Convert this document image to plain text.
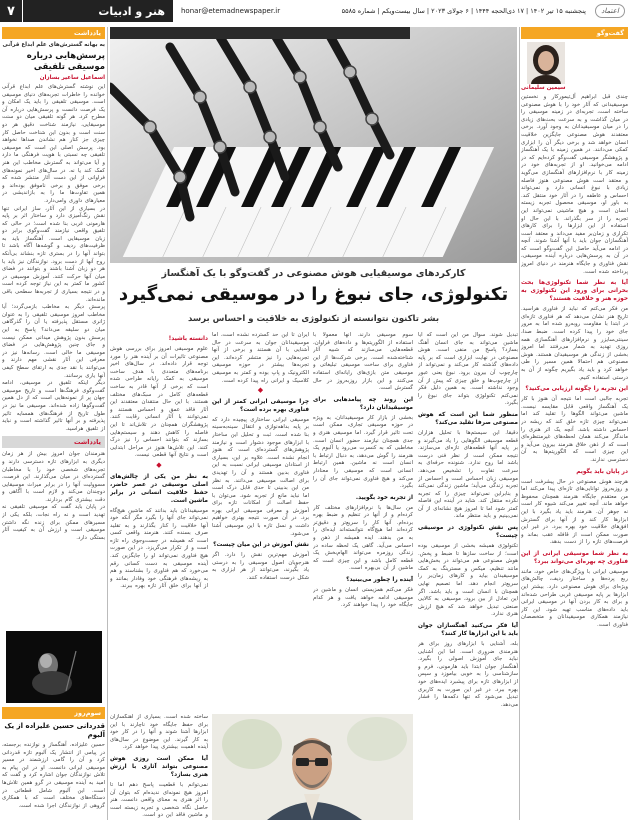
۷	هنر و ادبیات	honar@etemadnewspaper.ir	پنجشنبه ۱۵ تیر ۱۴۰۲ | ۱۷ ذی‌الحجه ۱۴۴۴ | ۶ جولای ۲۰۲۳ | سال بیست‌ویکم | شماره ۵۵۸۵	اعتماد
یادداشت
به بهانه گسترش‌های علم ابداع قرآنی
پرسش‌هایی درباره موسیقی تلفیقی
اسماعیل ساعیر بسازان

این نوشته گسترش‌های علم ابداع قرآنی خوانده را خاطرات تجربه‌های دنیای موسیقی است. موسیقی تلفیقی را باید یک امکان و یک فرصت دانست و پرسش‌هایی درباره آن مطرح کرد. هر گونه تلفیقی میان دو سنت موسیقایی، نیازمند شناخت دقیق هر دو سنت است و بدون این شناخت حاصل کار چیزی جز کنار هم نشاندن صداها نخواهد بود. پرسش اصلی این است که موسیقی تلفیقی چه نسبتی با هویت فرهنگی ما دارد و آیا می‌تواند به گسترش مخاطب این هنر کمک کند یا نه. در سال‌های اخیر نمونه‌های فراوانی از این دست آثار منتشر شده که برخی موفق و برخی ناموفق بوده‌اند و همین تفاوت‌ها ما را به بازاندیشی در معیارهای داوری وامی‌دارد.

در بسیاری از این آثار، ساز ایرانی تنها نقش رنگ‌آمیزی دارد و ساختار اثر بر پایه هارمونی غربی بنا شده است؛ در حالی که تلفیق واقعی نیازمند گفت‌وگوی برابر دو زبان موسیقایی است. آهنگساز باید به ظرفیت‌های ردیف و گوشه‌ها آگاه باشد تا بتواند آنها را در بستری تازه بنشاند بی‌آنکه روح آنها از دست برود. نوازندگان نیز باید با هر دو زبان آشنا باشند و بتوانند در فضای میان آنها حرکت کنند. آموزش موسیقی در کشور ما کمتر به این نیاز توجه کرده است و در نتیجه بسیاری از تجربه‌ها سطحی باقی مانده‌اند.

پرسش دیگر به مخاطب بازمی‌گردد؛ آیا مخاطب امروز موسیقی تلفیقی را به عنوان ژانری مستقل پذیرفته یا آن را گذرگاهی میان دو سلیقه می‌داند؟ پاسخ به این پرسش بدون پژوهش میدانی ممکن نیست و جای چنین پژوهش‌هایی در فضای موسیقی ما خالی است. رسانه‌ها نیز در معرفی این آثار نقشی مهم دارند و می‌توانند با نقد جدی به ارتقای سطح کیفی آنها یاری برسانند.

دیگر اینکه تلفیق در موسیقی، ادامه گفت‌وگوی فرهنگ‌ها است و تاریخ موسیقی جهان پر از نمونه‌هایی است که از دل همین گفت‌وگوها زاده شده‌اند. موسیقی ما نیز در طول تاریخ از فرهنگ‌های همسایه تاثیر پذیرفته و بر آنها تاثیر گذاشته است و نباید از تلفیق هراسید.

یادداشت

هنرمندان جوان امروز بیش از هر زمان دیگری به ابزارهای تازه دسترسی دارند و تجربه‌های شخصی خود را با مخاطبان گسترده‌ای در میان می‌گذارند. این فرصت، مسوولیت آنها را در برابر میراث موسیقایی دوچندان می‌کند و لازم است با آگاهی و دقت بیشتری گام بردارند.

در پایان باید گفت که موسیقی تلفیقی نه تهدید است و نه راه نجات، بلکه یکی از مسیرهای ممکن برای زنده نگه داشتن موسیقی است و ارزش آن به کیفیت آثار بستگی دارد.

سوم‌روز
قدردانی حسین علیزاده از یک آلبوم

حسین علیزاده، آهنگساز و نوازنده برجسته، در پیامی از انتشار یک آلبوم تازه قدردانی کرد و آن را گامی ارزشمند در مسیر موسیقی ایرانی دانست. او در این پیام به تلاش نوازندگان جوان اشاره کرد و گفت که امید به آینده موسیقی در گرو همین تلاش‌ها است. این آلبوم شامل قطعاتی در دستگاه‌های مختلف است که با همکاری گروهی از نوازندگان اجرا شده است.

گفت‌وگو
سیمین سلیمانی

چندی قبل ابراهیم آل‌تیمورکار و نخستین موسیقیدانی که آثار خود را با هوش مصنوعی ساخته است، تجربه‌ای در زمینه موسیقی را در میان گذاشت و به سرعت بحث‌های زیادی را در میان موسیقیدانان به وجود آورد. برخی معتقدند هوش مصنوعی جایگزین خلاقیت انسان خواهد شد و برخی دیگر آن را ابزاری کمکی می‌دانند. در همین زمینه با یک آهنگساز و پژوهشگر موسیقی گفت‌وگو کرده‌ایم که در ادامه می‌خوانید. او از تجربه‌های خود در زمینه کار با نرم‌افزارهای آهنگسازی می‌گوید و معتقد است هوش مصنوعی هنوز فاصله زیادی با نبوغ انسانی دارد و نمی‌تواند احساس و عاطفه را در آثار خود منتقل کند. به باور او، موسیقی محصول تجربه زیسته انسان است و هیچ ماشینی نمی‌تواند این تجربه را از سر بگذراند. با این حال او استفاده از این ابزارها را برای کارهای تکراری و زمان‌بر مفید می‌داند و معتقد است آهنگسازان جوان باید با آنها آشنا شوند. آنچه در ادامه می‌آید حاصل این گفت‌وگو است که در آن به پرسش‌هایی درباره آینده موسیقی، نقش فناوری و جایگاه هنرمند در دنیای امروز پرداخته شده است.

آیا به نظر شما تکنولوژی‌ها بحث بحرانی برای ورود این تکنولوژی به حوزه هنر و خلاقیت هستند؟

من فکر می‌کنم که نباید از فناوری هراسید. تاریخ هنر نشان می‌دهد که هر فناوری تازه‌ای در ابتدا با مقاومت روبه‌رو شده اما به مرور جای خود را پیدا کرده است. ضبط صدا، سینتی‌سایزر و نرم‌افزارهای آهنگسازی همه روزی تهدید به شمار می‌رفتند اما امروز بخشی از زندگی هر موسیقیدان هستند. هوش مصنوعی هم احتمالا همین مسیر را طی خواهد کرد و باید یاد بگیریم چگونه از آن به درستی استفاده کنیم.

این تجربه را چگونه ارزیابی می‌کنید؟

تجربه جالبی است اما نتیجه آن هنوز با کار یک آهنگساز واقعی قابل مقایسه نیست. ماشین می‌تواند الگوها را تقلید کند اما نمی‌تواند چیزی تازه خلق کند که ریشه در احساس داشته باشد. آنچه یک اثر هنری را ماندگار می‌کند همان لحظه‌های غیرمنتظره‌ای است که از ذهن خلاق هنرمند بیرون می‌آید و این چیزی است که الگوریتم‌ها به آن دسترسی ندارند.

در پایان باید بگویم

هرچند هوش مصنوعی در حال پیشرفت است و روزبه‌روز توانایی‌های تازه‌ای پیدا می‌کند اما من معتقدم جایگاه هنرمند همچنان محفوظ خواهد ماند. آنچه تغییر می‌کند شیوه کار است نه جوهر آن. هنرمند باید یاد بگیرد با این ابزارها کار کند و از آنها برای گسترش افق‌های خلاقیت خود بهره ببرد. در غیر این صورت ممکن است از قافله عقب بماند و فرصت‌های تازه را از دست بدهد.

به نظر شما موسیقی ایرانی از این فناوری چه بهره‌ای می‌تواند ببرد؟

موسیقی ایرانی با ویژگی‌های خاص خود، مانند ربع پرده‌ها و ساختار ردیف، چالش‌های ویژه‌ای برای هوش مصنوعی دارد. بیشتر این ابزارها بر پایه موسیقی غربی طراحی شده‌اند و برای به کار بردن آنها در موسیقی ایرانی باید داده‌های مناسب تهیه شود. این کار نیازمند همکاری موسیقیدانان و متخصصان فناوری است.

کارکردهای موسیقیایی هوش مصنوعی در گفت‌وگو با یک آهنگساز
تکنولوژی، جای نبوغ را در موسیقی نمی‌گیرد
بشر تاکنون نتوانسته از تکنولوژی به خلاقیت و احساس برسد

تبدیل شوند. سوال من این است که آیا ماشین می‌تواند به جای انسان آهنگ بسازد؟ پاسخ من منفی است. هوش مصنوعی در نهایت ابزاری است که بر پایه داده‌های گذشته کار می‌کند و نمی‌تواند از چارچوب آن بیرون برود. نبوغ یعنی عبور از چارچوب‌ها و خلق چیزی که پیش از آن وجود نداشته است. به همین دلیل فکر نمی‌کنم تکنولوژی بتواند جای نبوغ را بگیرد.

منظور شما این است که هوش مصنوعی صرفا تقلید می‌کند؟

دقیقا. این سیستم‌ها با تحلیل هزاران قطعه موسیقی الگوهایی را یاد می‌گیرند و بر پایه آنها قطعه‌های تازه‌ای می‌سازند. نتیجه ممکن است از نظر فنی درست باشد اما روح ندارد. شنونده حرفه‌ای به سرعت تفاوت را تشخیص می‌دهد. موسیقی زبان احساس است و احساس از تجربه زندگی می‌آید؛ ماشین زندگی نمی‌کند و بنابراین نمی‌تواند چیزی را که تجربه نکرده منتقل کند. شاید در آینده این فاصله کمتر شود اما تا امروز هیچ نشانه‌ای از آن نمی‌بینیم و باید منتظر ماند.

پس نقش تکنولوژی در موسیقی چیست؟

تکنولوژی همیشه بخشی از موسیقی بوده است؛ از ساخت سازها تا ضبط و پخش. هوش مصنوعی هم می‌تواند در بخش‌هایی مانند تنظیم، میکس و مسترینگ به کمک موسیقیدان بیاید و کارهای زمان‌بر را سریع‌تر انجام دهد. اما تصمیم نهایی همچنان با انسان است و باید باشد. اگر این تعادل از بین برود، موسیقی به کالایی صنعتی تبدیل خواهد شد که هیچ ارزش هنری ندارد.

آیا فکر می‌کنید آهنگسازان جوان باید با این ابزارها کار کنند؟

بله، آشنایی با ابزارهای روز برای هر هنرمندی ضروری است. اما این آشنایی نباید جای آموزش اصولی را بگیرد. آهنگساز جوان ابتدا باید هارمونی، فرم و سازشناسی را به خوبی بیاموزد و سپس از ابزارهای تازه برای پیشبرد ایده‌های خود بهره ببرد. در غیر این صورت به کاربری تبدیل می‌شود که تنها دکمه‌ها را فشار می‌دهد.

سوم موسیقی دارند. آنها معمولا با استفاده از الگوریتم‌ها و داده‌های فراوان، قطعه‌هایی می‌سازند که شبیه آثار شناخته‌شده است. برخی شرکت‌ها از این فناوری برای ساخت موسیقی تبلیغاتی و موسیقی متن بازی‌های رایانه‌ای استفاده می‌کنند و این بازار روزبه‌روز در حال گسترش است.

این روند چه پیامدهایی برای موسیقیدانان دارد؟

بخشی از بازار کار موسیقیدانان، به ویژه در حوزه موسیقی تجاری، ممکن است تحت تاثیر قرار گیرد. اما موسیقی هنری و جدی همچنان نیازمند حضور انسان است. مخاطبی که به کنسرت می‌رود یا آلبوم یک هنرمند را گوش می‌دهد، به دنبال ارتباط با انسان است نه ماشین. همین ارتباط انسانی است که موسیقی را معنادار می‌کند و هیچ فناوری نمی‌تواند جای آن را بگیرد.

از تجربه خود بگویید.

من سال‌ها با نرم‌افزارهای مختلف کار کرده‌ام و از آنها در تنظیم و ضبط بهره برده‌ام. آنها کار را سریع‌تر و دقیق‌تر کرده‌اند اما هیچ‌گاه نتوانسته‌اند ایده‌ای را به من بدهند. ایده همیشه از ذهن و احساس می‌آید. گاهی یک لحظه ساده در زندگی روزمره می‌تواند الهام‌بخش یک قطعه کامل باشد و این چیزی است که ماشین از آن بی‌بهره است.

آینده را چطور می‌بینید؟

فکر می‌کنم همزیستی انسان و ماشین در موسیقی ادامه خواهد یافت و هر کدام جایگاه خود را پیدا خواهند کرد.

ایران تا این حد گسترده نشده است، اما موسیقیدانان جوان به سرعت در حال آشنایی با آن هستند و برخی از آنها تجربه‌هایی را نیز منتشر کرده‌اند. این تجربه‌ها بیشتر در حوزه موسیقی الکترونیک و پاپ بوده و کمتر به موسیقی کلاسیک و ایرانی راه پیدا کرده است.

◆
چرا موسیقی ایرانی کمتر از این فناوری بهره برده است؟

موسیقی ایرانی ساختاری پیچیده دارد که بر پایه بداهه‌نوازی و انتقال سینه‌به‌سینه بنا شده است. ثبت و تحلیل این ساختار با ابزارهای موجود دشوار است و نیازمند پژوهش‌های گسترده‌ای است که هنوز انجام نشده است. علاوه بر این، بسیاری از استادان موسیقی ایرانی نسبت به این فناوری بدبین هستند و آن را تهدیدی برای اصالت موسیقی می‌دانند. به نظر من این بدبینی تا حدی قابل درک است اما نباید مانع از تجربه شود. می‌توان با حفظ اصالت از امکانات تازه برای آموزش و معرفی موسیقی ایرانی بهره برد. در آن صورت نتیجه بهتری خواهیم داشت و نسل تازه با این موسیقی آشنا می‌شود.

نقش آموزش در این میان چیست؟

آموزش مهم‌ترین نقش را دارد. اگر هنرجویان اصول موسیقی را به درستی یاد بگیرند، می‌توانند از هر ابزاری به شکل درست استفاده کنند.

دانسته باشید!

علوم موسیقی امروز برای بررسی هوش مصنوعی تاثیرات آن بر آینده هنر را مورد توجه قرار داده‌اند. در سال‌های اخیر برنامه‌های متعددی با هدف ساخت موسیقی به کمک رایانه طراحی شده است که برخی از آنها قادر به ساخت قطعه‌های کامل در سبک‌های مختلف هستند. با این حال منتقدان معتقدند این آثار فاقد عمق و احساس هستند و نمی‌توانند با آثار انسانی رقابت کنند. پژوهشگران همچنان در تلاش‌اند تا این فاصله را کاهش دهند و سیستم‌هایی بسازند که بتوانند احساس را نیز درک کنند. این تلاش‌ها هنوز در مراحل ابتدایی است و نتایج آنها قطعی نیست.

◆
به نظر من یکی از چالش‌های اصلی موسیقی در عصر حاضر، حفظ خلاقیت انسانی در برابر ماشین است.

موسیقیدانان باید بدانند که ماشین هیچ‌گاه نمی‌تواند جای آنها را بگیرد مگر آنکه خود آنها خلاقیت را کنار بگذارند و به تقلید صرف بسنده کنند. هنرمند واقعی کسی است که همیشه در جست‌وجوی راه تازه است و از تکرار می‌گریزد. در این صورت هیچ فناوری نمی‌تواند او را جایگزین کند. آینده موسیقی به دست کسانی رقم می‌خورد که هم فناوری را بشناسند و هم به ریشه‌های فرهنگی خود وفادار بمانند و از آنها برای خلق آثار تازه بهره ببرند.

ساخته شده است. بسیاری از آهنگسازان برای حفظ جایگاه خود ناچارند با این ابزارها آشنا شوند و آنها را در کار خود به کار گیرند. این موضوع در سال‌های آینده اهمیت بیشتری پیدا خواهد کرد.

آیا ممکن است روزی هوش مصنوعی بتواند آثاری با ارزش هنری بسازد؟

نمی‌توانم با قطعیت پاسخ دهم اما تا امروز هیچ نمونه‌ای ندیده‌ام که بتوان آن را اثر هنری به معنای واقعی دانست. هنر حاصل نگاه شخصی و تجربه زیسته است و ماشین فاقد این دو است.
